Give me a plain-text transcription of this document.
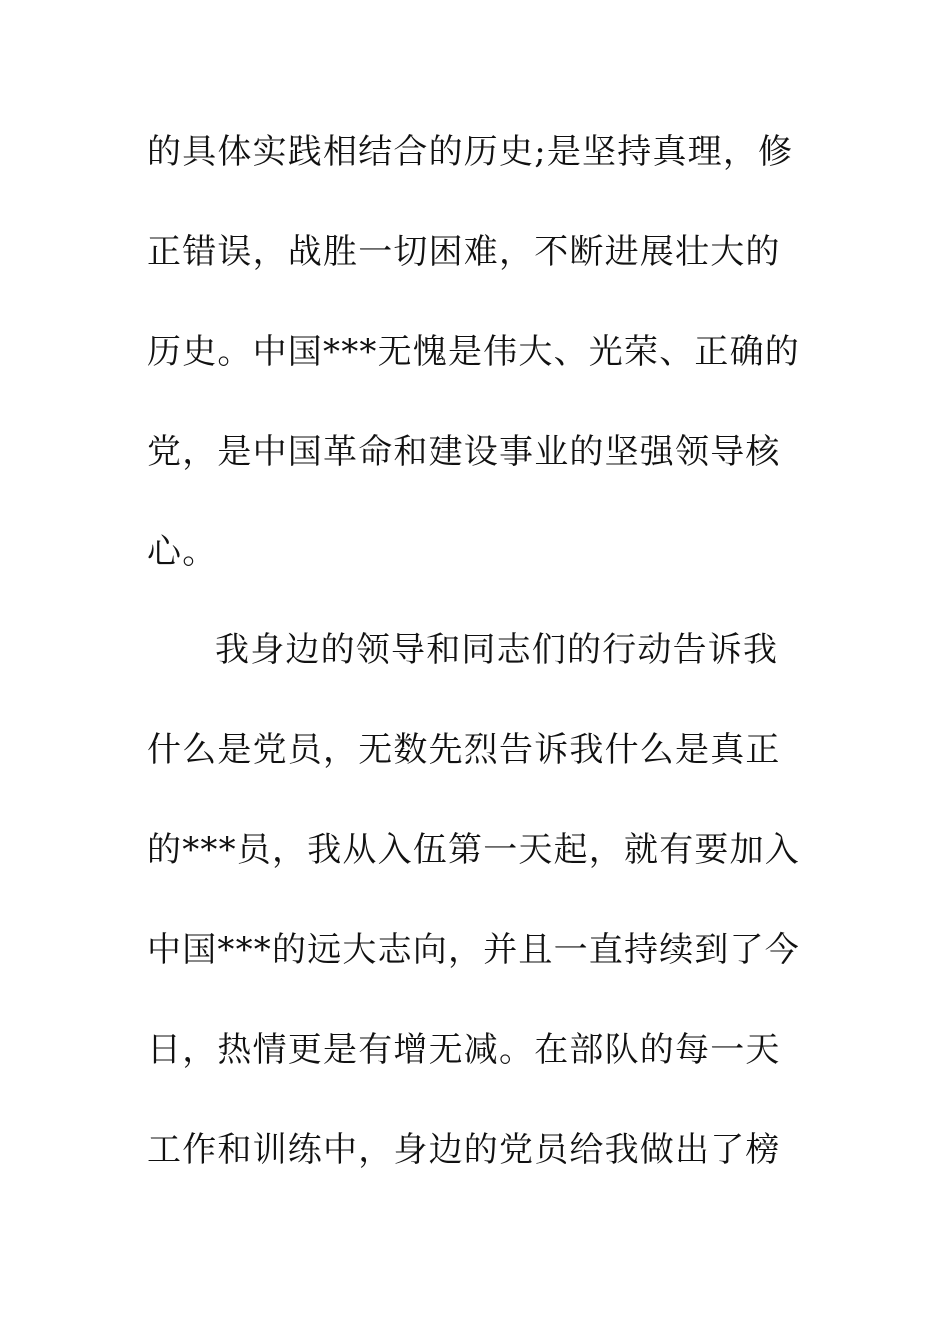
的具体实践相结合的历史;是坚持真理，修
正错误，战胜一切困难，不断进展壮大的
历史。中国***无愧是伟大、光荣、正确的
党，是中国革命和建设事业的坚强领导核
心。
我身边的领导和同志们的行动告诉我
什么是党员，无数先烈告诉我什么是真正
的***员，我从入伍第一天起，就有要加入
中国***的远大志向，并且一直持续到了今
日，热情更是有增无减。在部队的每一天
工作和训练中，身边的党员给我做出了榜
